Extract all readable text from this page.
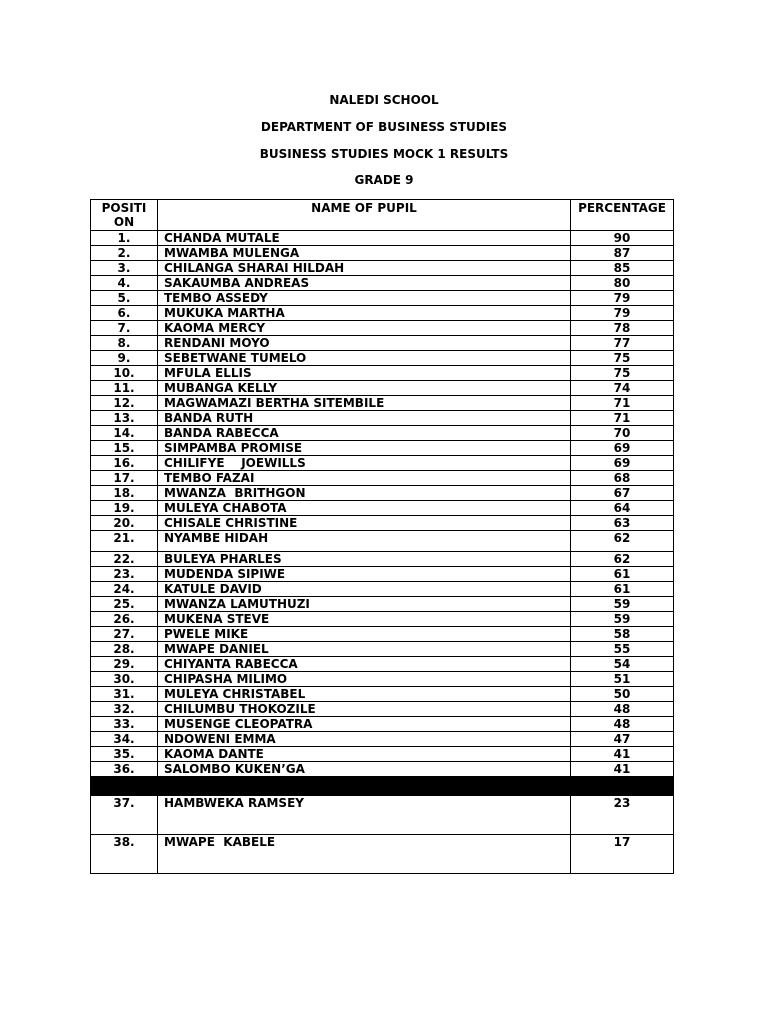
NALEDI SCHOOL
DEPARTMENT OF BUSINESS STUDIES
BUSINESS STUDIES MOCK 1 RESULTS
GRADE 9
POSITION	NAME OF PUPIL	PERCENTAGE
1.	CHANDA MUTALE	90
2.	MWAMBA MULENGA	87
3.	CHILANGA SHARAI HILDAH	85
4.	SAKAUMBA ANDREAS	80
5.	TEMBO ASSEDY	79
6.	MUKUKA MARTHA	79
7.	KAOMA MERCY	78
8.	RENDANI MOYO	77
9.	SEBETWANE TUMELO	75
10.	MFULA ELLIS	75
11.	MUBANGA KELLY	74
12.	MAGWAMAZI BERTHA SITEMBILE	71
13.	BANDA RUTH	71
14.	BANDA RABECCA	70
15.	SIMPAMBA PROMISE	69
16.	CHILIFYE    JOEWILLS	69
17.	TEMBO FAZAI	68
18.	MWANZA  BRITHGON	67
19.	MULEYA CHABOTA	64
20.	CHISALE CHRISTINE	63
21.	NYAMBE HIDAH	62
22.	BULEYA PHARLES	62
23.	MUDENDA SIPIWE	61
24.	KATULE DAVID	61
25.	MWANZA LAMUTHUZI	59
26.	MUKENA STEVE	59
27.	PWELE MIKE	58
28.	MWAPE DANIEL	55
29.	CHIYANTA RABECCA	54
30.	CHIPASHA MILIMO	51
31.	MULEYA CHRISTABEL	50
32.	CHILUMBU THOKOZILE	48
33.	MUSENGE CLEOPATRA	48
34.	NDOWENI EMMA	47
35.	KAOMA DANTE	41
36.	SALOMBO KUKEN’GA	41

37.	HAMBWEKA RAMSEY	23
38.	MWAPE  KABELE	17
